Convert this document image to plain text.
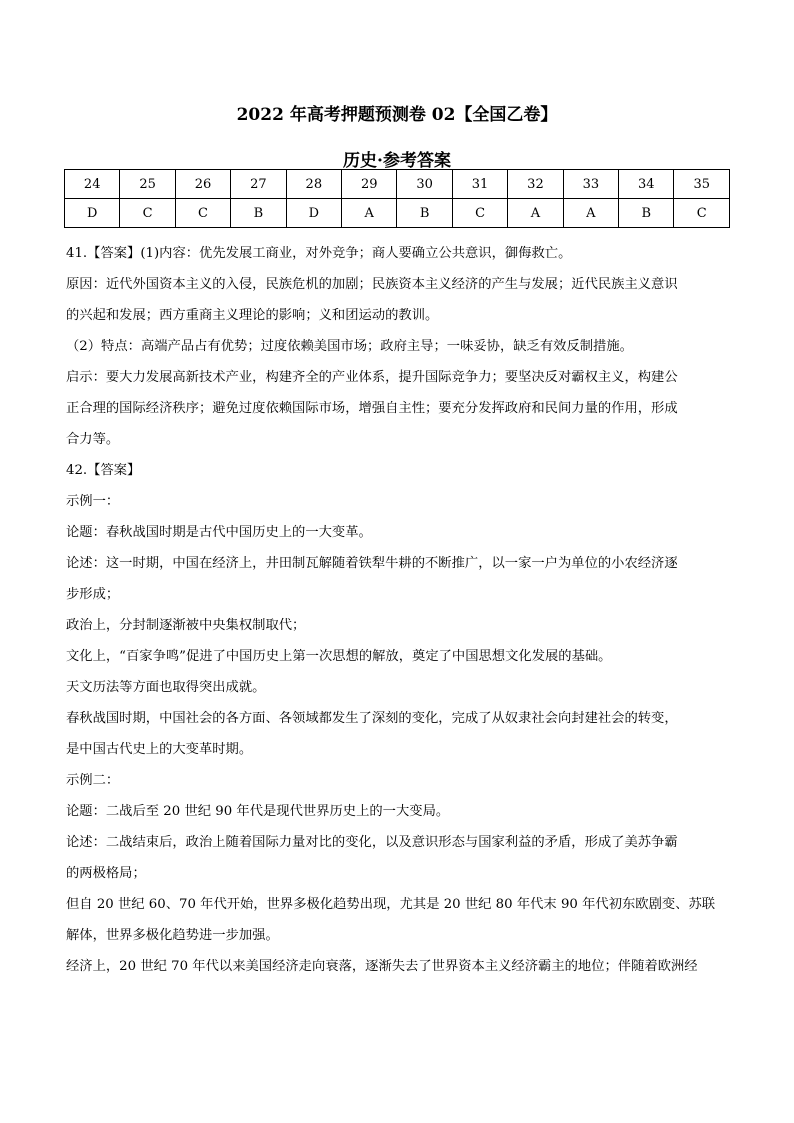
2022 年高考押题预测卷 02【全国乙卷】
历史·参考答案
24	25	26	27	28	29	30	31	32	33	34	35
D	C	C	B	D	A	B	C	A	A	B	C

41.【答案】(1)内容：优先发展工商业，对外竞争；商人要确立公共意识，御侮救亡。

原因：近代外国资本主义的入侵，民族危机的加剧；民族资本主义经济的产生与发展；近代民族主义意识

的兴起和发展；西方重商主义理论的影响；义和团运动的教训。

（2）特点：高端产品占有优势；过度依赖美国市场；政府主导；一味妥协，缺乏有效反制措施。

启示：要大力发展高新技术产业，构建齐全的产业体系，提升国际竞争力；要坚决反对霸权主义，构建公

正合理的国际经济秩序；避免过度依赖国际市场，增强自主性；要充分发挥政府和民间力量的作用，形成

合力等。

42.【答案】

示例一：

论题：春秋战国时期是古代中国历史上的一大变革。

论述：这一时期，中国在经济上，井田制瓦解随着铁犁牛耕的不断推广，以一家一户为单位的小农经济逐

步形成；

政治上，分封制逐渐被中央集权制取代；

文化上，“百家争鸣”促进了中国历史上第一次思想的解放，奠定了中国思想文化发展的基础。

天文历法等方面也取得突出成就。

春秋战国时期，中国社会的各方面、各领域都发生了深刻的变化，完成了从奴隶社会向封建社会的转变，

是中国古代史上的大变革时期。

示例二：

论题：二战后至 20 世纪 90 年代是现代世界历史上的一大变局。

论述：二战结束后，政治上随着国际力量对比的变化，以及意识形态与国家利益的矛盾，形成了美苏争霸

的两极格局；

但自 20 世纪 60、70 年代开始，世界多极化趋势出现，尤其是 20 世纪 80 年代末 90 年代初东欧剧变、苏联

解体，世界多极化趋势进一步加强。

经济上，20 世纪 70 年代以来美国经济走向衰落，逐渐失去了世界资本主义经济霸主的地位；伴随着欧洲经
